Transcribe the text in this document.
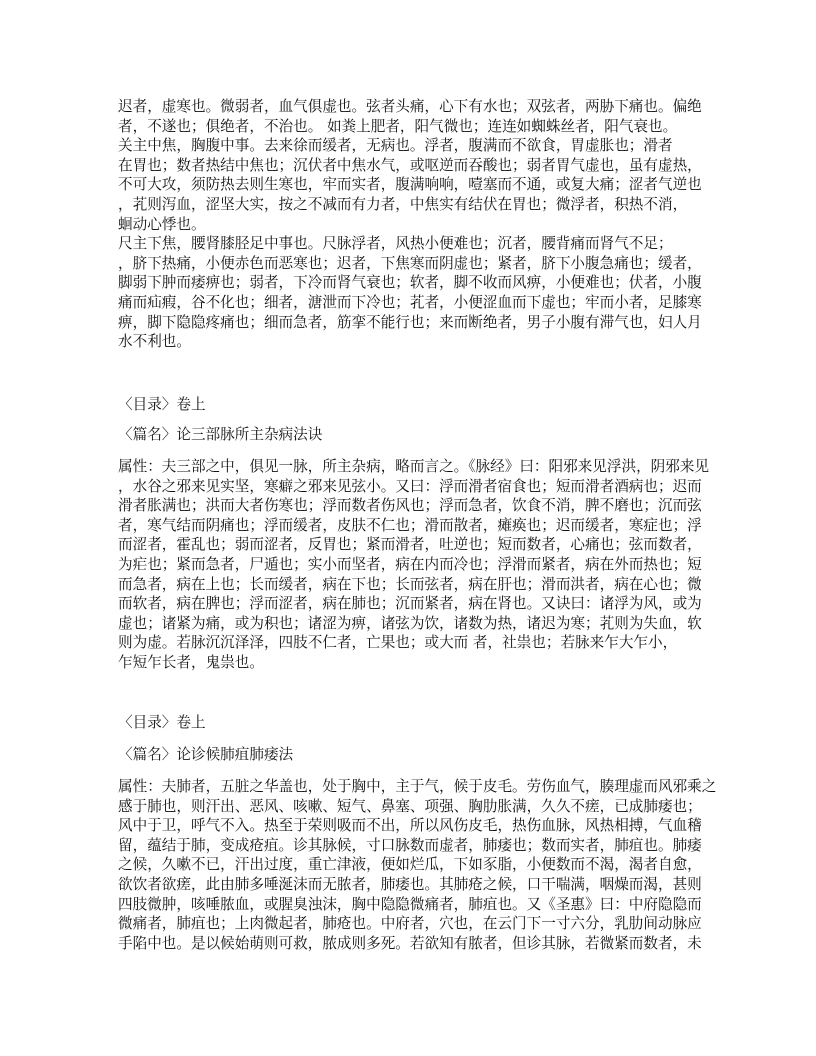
迟者，虚寒也。微弱者，血气俱虚也。弦者头痛，心下有水也；双弦者，两胁下痛也。偏绝
者，不遂也；俱绝者，不治也。 如粪上肥者，阳气微也；连连如蜘蛛丝者，阳气衰也。
关主中焦，胸腹中事。去来徐而缓者，无病也。浮者，腹满而不欲食，胃虚胀也；滑者
在胃也；数者热结中焦也；沉伏者中焦水气，或呕逆而吞酸也；弱者胃气虚也，虽有虚热，
不可大攻，须防热去则生寒也，牢而实者，腹满响响，噎塞而不通，或复大痛；涩者气逆也
，芤则泻血，涩坚大实，按之不减而有力者，中焦实有结伏在胃也；微浮者，积热不消，
蛔动心悸也。
尺主下焦，腰肾膝胫足中事也。尺脉浮者，风热小便难也；沉者，腰背痛而肾气不足；
，脐下热痛，小便赤色而恶寒也；迟者，下焦寒而阴虚也；紧者，脐下小腹急痛也；缓者，
脚弱下肿而痿痹也；弱者，下冷而肾气衰也；软者，脚不收而风痹，小便难也；伏者，小腹
痛而疝瘕，谷不化也；细者，溏泄而下冷也；芤者，小便涩血而下虚也；牢而小者，足膝寒
痹，脚下隐隐疼痛也；细而急者，筋挛不能行也；来而断绝者，男子小腹有滞气也，妇人月
水不利也。
〈目录〉卷上
〈篇名〉论三部脉所主杂病法诀
属性：夫三部之中，俱见一脉，所主杂病，略而言之。《脉经》曰：阳邪来见浮洪，阴邪来见
，水谷之邪来见实坚，寒癖之邪来见弦小。又曰：浮而滑者宿食也；短而滑者酒病也；迟而
滑者胀满也；洪而大者伤寒也；浮而数者伤风也；浮而急者，饮食不消，脾不磨也；沉而弦
者，寒气结而阴痛也；浮而缓者，皮肤不仁也；滑而散者，瘫痪也；迟而缓者，寒症也；浮
而涩者，霍乱也；弱而涩者，反胃也；紧而滑者，吐逆也；短而数者，心痛也；弦而数者，
为疟也；紧而急者，尸遁也；实小而坚者，病在内而冷也；浮滑而紧者，病在外而热也；短
而急者，病在上也；长而缓者，病在下也；长而弦者，病在肝也；滑而洪者，病在心也；微
而软者，病在脾也；浮而涩者，病在肺也；沉而紧者，病在肾也。又诀曰：诸浮为风，或为
虚也；诸紧为痛，或为积也；诸涩为痹，诸弦为饮，诸数为热，诸迟为寒；芤则为失血，软
则为虚。若脉沉沉泽泽，四肢不仁者，亡果也；或大而 者，社祟也；若脉来乍大乍小，
乍短乍长者，鬼祟也。
〈目录〉卷上
〈篇名〉论诊候肺疽肺痿法
属性：夫肺者，五脏之华盖也，处于胸中，主于气，候于皮毛。劳伤血气，腠理虚而风邪乘之
感于肺也，则汗出、恶风、咳嗽、短气、鼻塞、项强、胸肋胀满，久久不瘥，已成肺痿也；
风中于卫，呼气不入。热至于荣则吸而不出，所以风伤皮毛，热伤血脉，风热相搏，气血稽
留，蕴结于肺，变成疮疽。诊其脉候，寸口脉数而虚者，肺痿也；数而实者，肺疽也。肺痿
之候，久嗽不已，汗出过度，重亡津液，便如烂瓜，下如豕脂，小便数而不渴，渴者自愈，
欲饮者欲瘥，此由肺多唾涎沫而无脓者，肺痿也。其肺疮之候，口干喘满，咽燥而渴，甚则
四肢微肿，咳唾脓血，或腥臭浊沫，胸中隐隐微痛者，肺疽也。又《圣惠》曰：中府隐隐而
微痛者，肺疽也；上肉微起者，肺疮也。中府者，穴也，在云门下一寸六分，乳肋间动脉应
手陷中也。是以候始萌则可救，脓成则多死。若欲知有脓者，但诊其脉，若微紧而数者，未
